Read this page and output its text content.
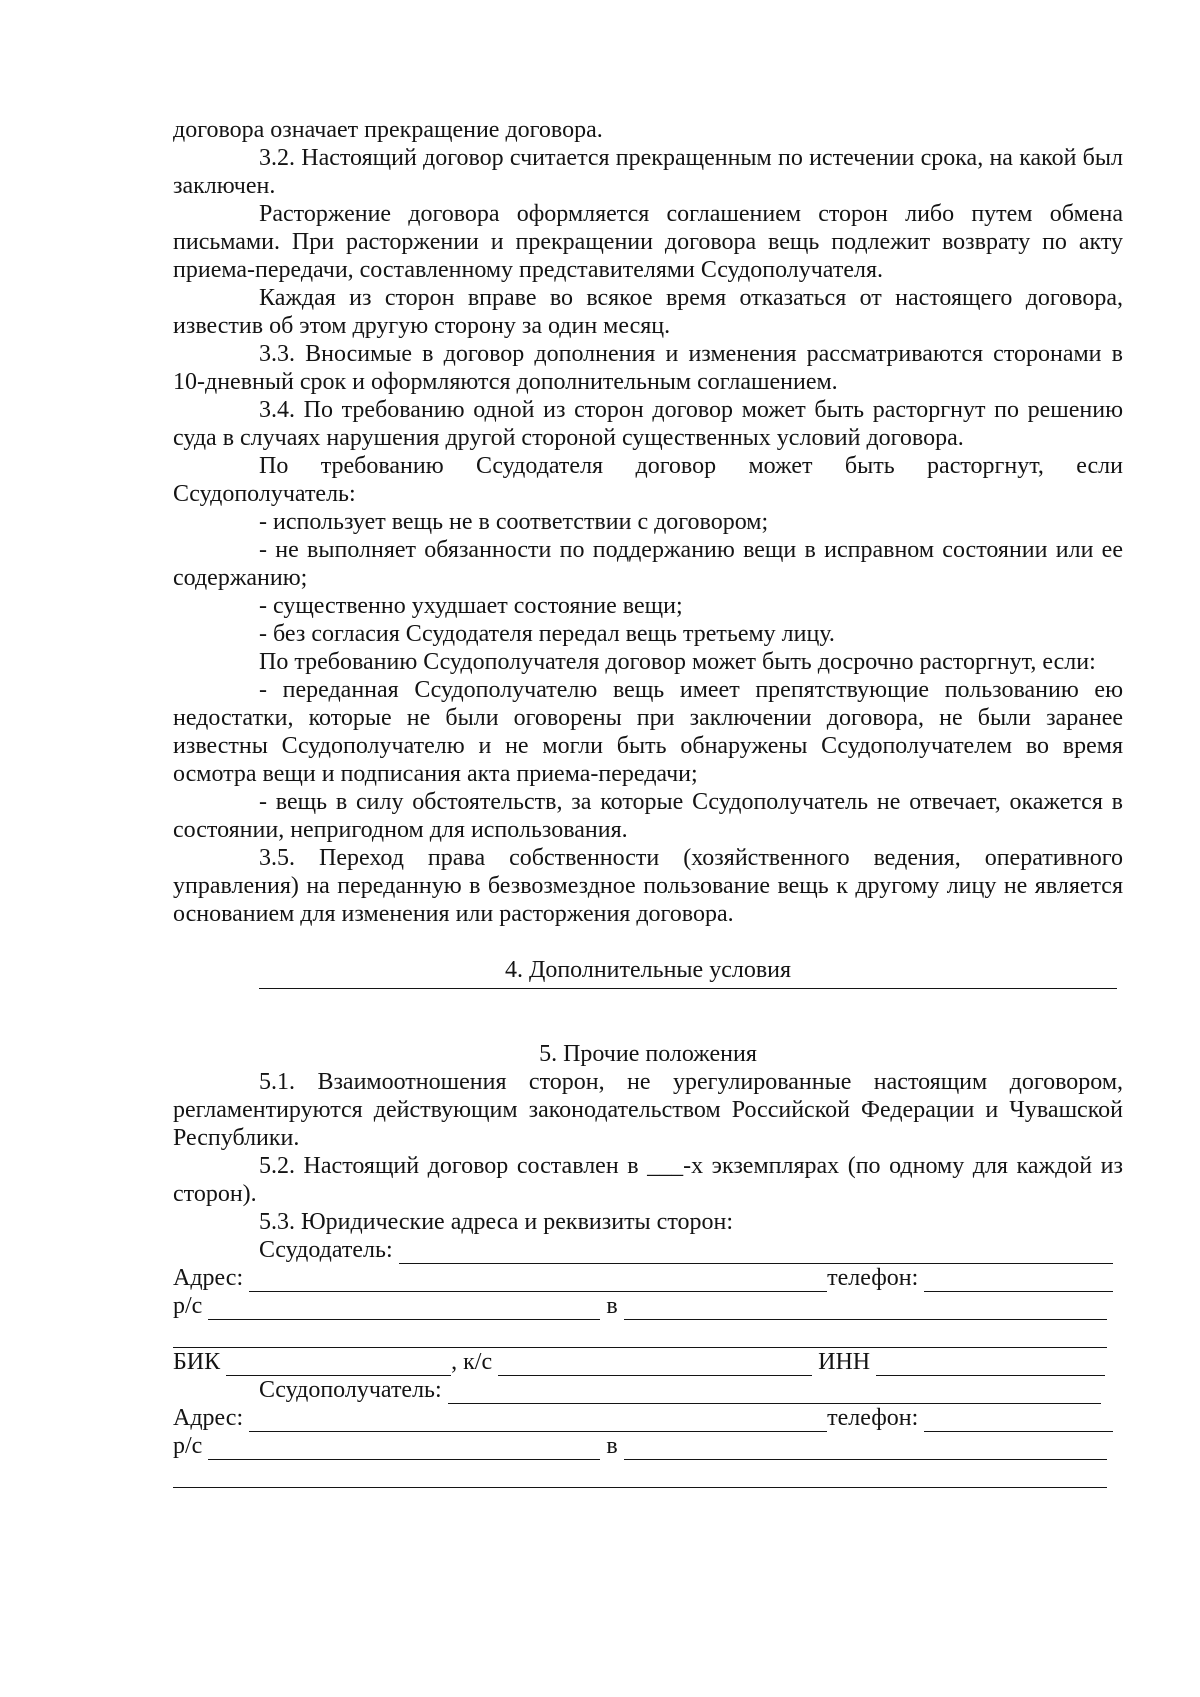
договора означает прекращение договора.

3.2. Настоящий договор считается прекращенным по истечении срока, на какой был заключен.

Расторжение договора оформляется соглашением сторон либо путем обмена письмами. При расторжении и прекращении договора вещь подлежит возврату по акту приема-передачи, составленному представителями Ссудополучателя.

Каждая из сторон вправе во всякое время отказаться от настоящего договора, известив об этом другую сторону за один месяц.

3.3. Вносимые в договор дополнения и изменения рассматриваются сторонами в 10-дневный срок и оформляются дополнительным соглашением.

3.4. По требованию одной из сторон договор может быть расторгнут по решению суда в случаях нарушения другой стороной существенных условий договора.

По требованию Ссудодателя договор может быть расторгнут, если Ссудополучатель:

- использует вещь не в соответствии с договором;

- не выполняет обязанности по поддержанию вещи в исправном состоянии или ее содержанию;

- существенно ухудшает состояние вещи;

- без согласия Ссудодателя передал вещь третьему лицу.

По требованию Ссудополучателя договор может быть досрочно расторгнут, если:

- переданная Ссудополучателю вещь имеет препятствующие пользованию ею недостатки, которые не были оговорены при заключении договора, не были заранее известны Ссудополучателю и не могли быть обнаружены Ссудополучателем во время осмотра вещи и подписания акта приема-передачи;

- вещь в силу обстоятельств, за которые Ссудополучатель не отвечает, окажется в состоянии, непригодном для использования.

3.5. Переход права собственности (хозяйственного ведения, оперативного управления) на переданную в безвозмездное пользование вещь к другому лицу не является основанием для изменения или расторжения договора.

4. Дополнительные условия

5. Прочие положения

5.1. Взаимоотношения сторон, не урегулированные настоящим договором, регламентируются действующим законодательством Российской Федерации и Чувашской Республики.

5.2. Настоящий договор составлен в ___-х экземплярах (по одному для каждой из сторон).

5.3. Юридические адреса и реквизиты сторон:

Ссудодатель:
Адрес:	телефон:
р/с	в
БИК	, к/с	ИНН
Ссудополучатель:
Адрес:	телефон:
р/с	в
